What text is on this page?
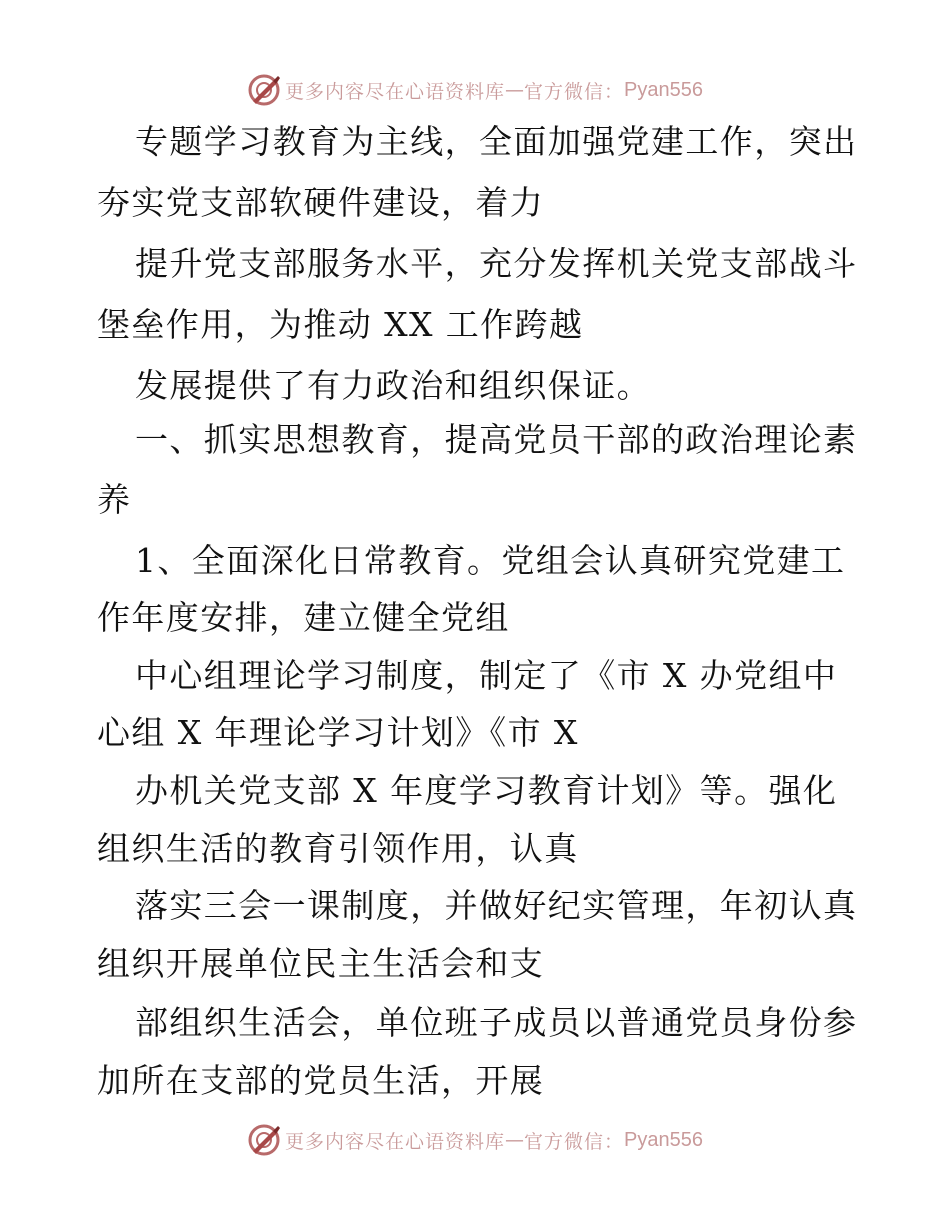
更多内容尽在心语资料库 — 官方微信： Pyan556
专题学习教育为主线，全面加强党建工作，突出
夯实党支部软硬件建设，着力
提升党支部服务水平，充分发挥机关党支部战斗
堡垒作用，为推动 XX 工作跨越
发展提供了有力政治和组织保证。
一、抓实思想教育，提高党员干部的政治理论素
养
1、全面深化日常教育。党组会认真研究党建工
作年度安排，建立健全党组
中心组理论学习制度，制定了《市 X 办党组中
心组 X 年理论学习计划》《市 X
办机关党支部 X 年度学习教育计划》等。强化
组织生活的教育引领作用，认真
落实三会一课制度，并做好纪实管理，年初认真
组织开展单位民主生活会和支
部组织生活会，单位班子成员以普通党员身份参
加所在支部的党员生活，开展
更多内容尽在心语资料库 — 官方微信： Pyan556
